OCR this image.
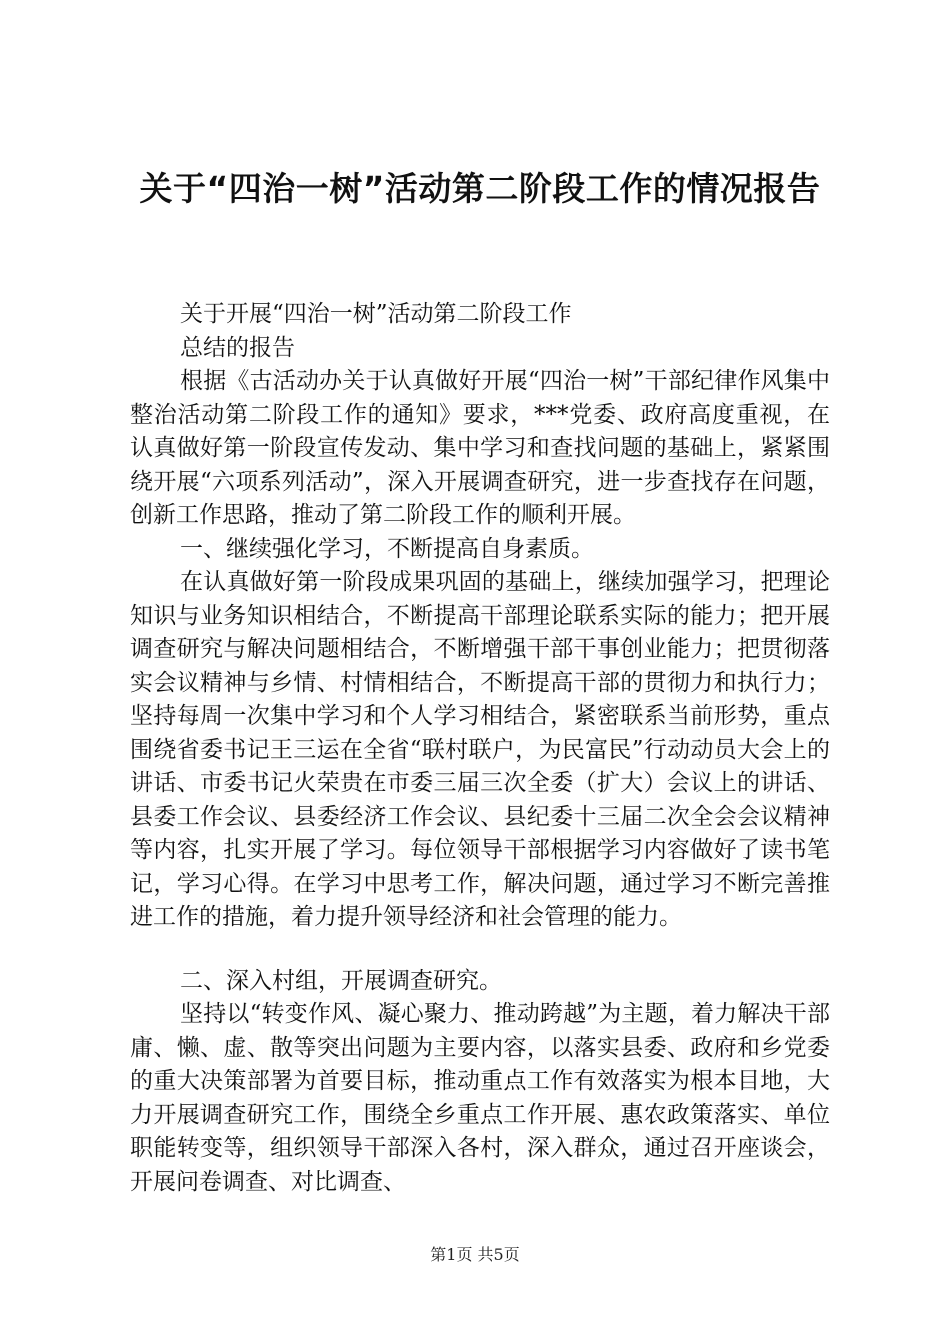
关于“四治一树”活动第二阶段工作的情况报告

关于开展“四治一树”活动第二阶段工作

总结的报告

根据《古活动办关于认真做好开展“四治一树”干部纪律作风集中整治活动第二阶段工作的通知》要求，***党委、政府高度重视，在认真做好第一阶段宣传发动、集中学习和查找问题的基础上，紧紧围绕开展“六项系列活动”，深入开展调查研究，进一步查找存在问题，创新工作思路，推动了第二阶段工作的顺利开展。

一、继续强化学习，不断提高自身素质。

在认真做好第一阶段成果巩固的基础上，继续加强学习，把理论知识与业务知识相结合，不断提高干部理论联系实际的能力；把开展调查研究与解决问题相结合，不断增强干部干事创业能力；把贯彻落实会议精神与乡情、村情相结合，不断提高干部的贯彻力和执行力；坚持每周一次集中学习和个人学习相结合，紧密联系当前形势，重点围绕省委书记王三运在全省“联村联户，为民富民”行动动员大会上的讲话、市委书记火荣贵在市委三届三次全委（扩大）会议上的讲话、县委工作会议、县委经济工作会议、县纪委十三届二次全会会议精神等内容，扎实开展了学习。每位领导干部根据学习内容做好了读书笔记，学习心得。在学习中思考工作，解决问题，通过学习不断完善推进工作的措施，着力提升领导经济和社会管理的能力。

二、深入村组，开展调查研究。

坚持以“转变作风、凝心聚力、推动跨越”为主题，着力解决干部庸、懒、虚、散等突出问题为主要内容，以落实县委、政府和乡党委的重大决策部署为首要目标，推动重点工作有效落实为根本目地，大力开展调查研究工作，围绕全乡重点工作开展、惠农政策落实、单位职能转变等，组织领导干部深入各村，深入群众，通过召开座谈会，开展问卷调查、对比调查、

第1页 共5页
